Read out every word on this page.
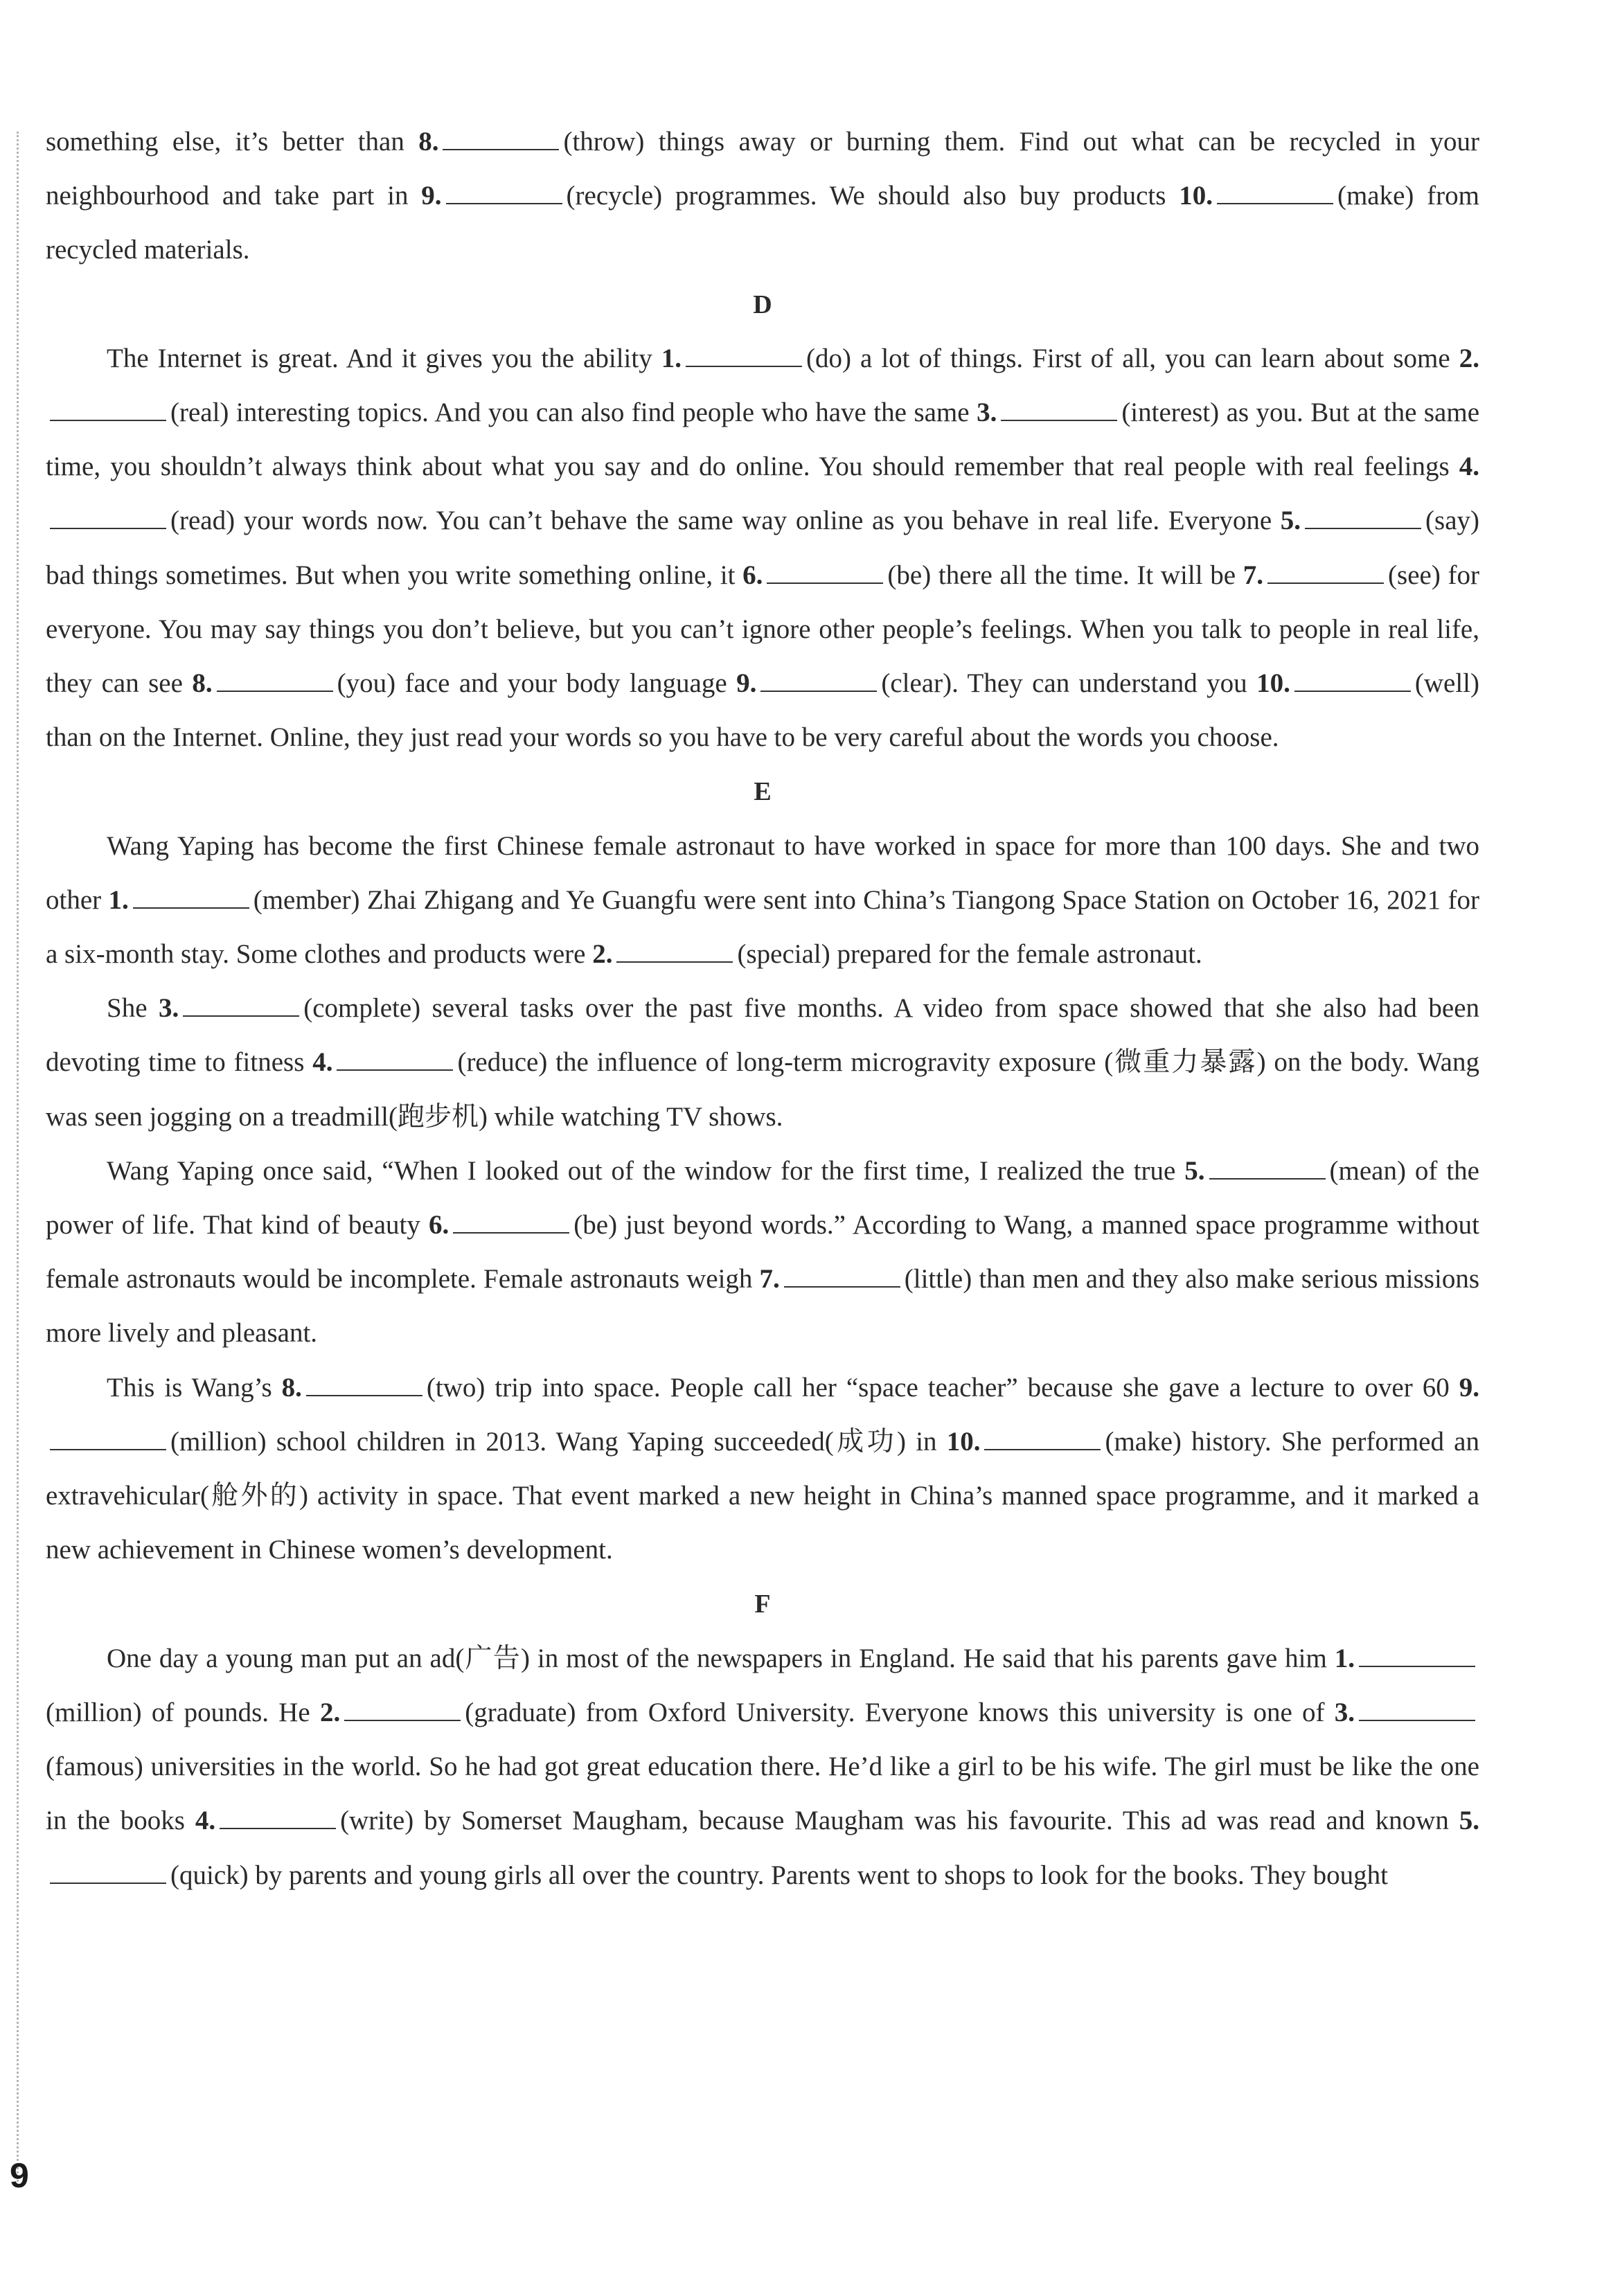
something else, it’s better than 8.	(throw) things away or burning them. Find out what can be recycled in your neighbourhood and take part in 9.	(recycle) programmes. We should also buy products 10.	(make) from recycled materials.

D

The Internet is great. And it gives you the ability 1.	(do) a lot of things. First of all, you can learn about some 2.(real) interesting topics. And you can also find people who have the same 3.	(interest) as you. But at the same time, you shouldn’t always think about what you say and do online. You should remember that real people with real feelings 4.(read) your words now. You can’t behave the same way online as you behave in real life. Everyone 5.	(say) bad things sometimes. But when you write something online, it 6.	(be) there all the time. It will be 7.	(see) for everyone. You may say things you don’t believe, but you can’t ignore other people’s feelings. When you talk to people in real life, they can see 8.	(you) face and your body language 9.	(clear). They can understand you 10.	(well) than on the Internet. Online, they just read your words so you have to be very careful about the words you choose.

E

Wang Yaping has become the first Chinese female astronaut to have worked in space for more than 100 days. She and two other 1.	(member) Zhai Zhigang and Ye Guangfu were sent into China’s Tiangong Space Station on October 16, 2021 for a six-month stay. Some clothes and products were 2.	(special) prepared for the female astronaut.

She 3.	(complete) several tasks over the past five months. A video from space showed that she also had been devoting time to fitness 4.	(reduce) the influence of long-term microgravity exposure (微重力暴露) on the body. Wang was seen jogging on a treadmill(跑步机) while watching TV shows.

Wang Yaping once said, “When I looked out of the window for the first time, I realized the true 5.	(mean) of the power of life. That kind of beauty 6.	(be) just beyond words.” According to Wang, a manned space programme without female astronauts would be incomplete. Female astronauts weigh 7.	(little) than men and they also make serious missions more lively and pleasant.

This is Wang’s 8.	(two) trip into space. People call her “space teacher” because she gave a lecture to over 60 9.(million) school children in 2013. Wang Yaping succeeded(成功) in 10.	(make) history. She performed an extravehicular(舱外的) activity in space. That event marked a new height in China’s manned space programme, and it marked a new achievement in Chinese women’s development.

F

One day a young man put an ad(广告) in most of the newspapers in England. He said that his parents gave him 1.(million) of pounds. He 2.	(graduate) from Oxford University. Everyone knows this university is one of 3.(famous) universities in the world. So he had got great education there. He’d like a girl to be his wife. The girl must be like the one in the books 4.	(write) by Somerset Maugham, because Maugham was his favourite. This ad was read and known 5.(quick) by parents and young girls all over the country. Parents went to shops to look for the books. They bought

9
